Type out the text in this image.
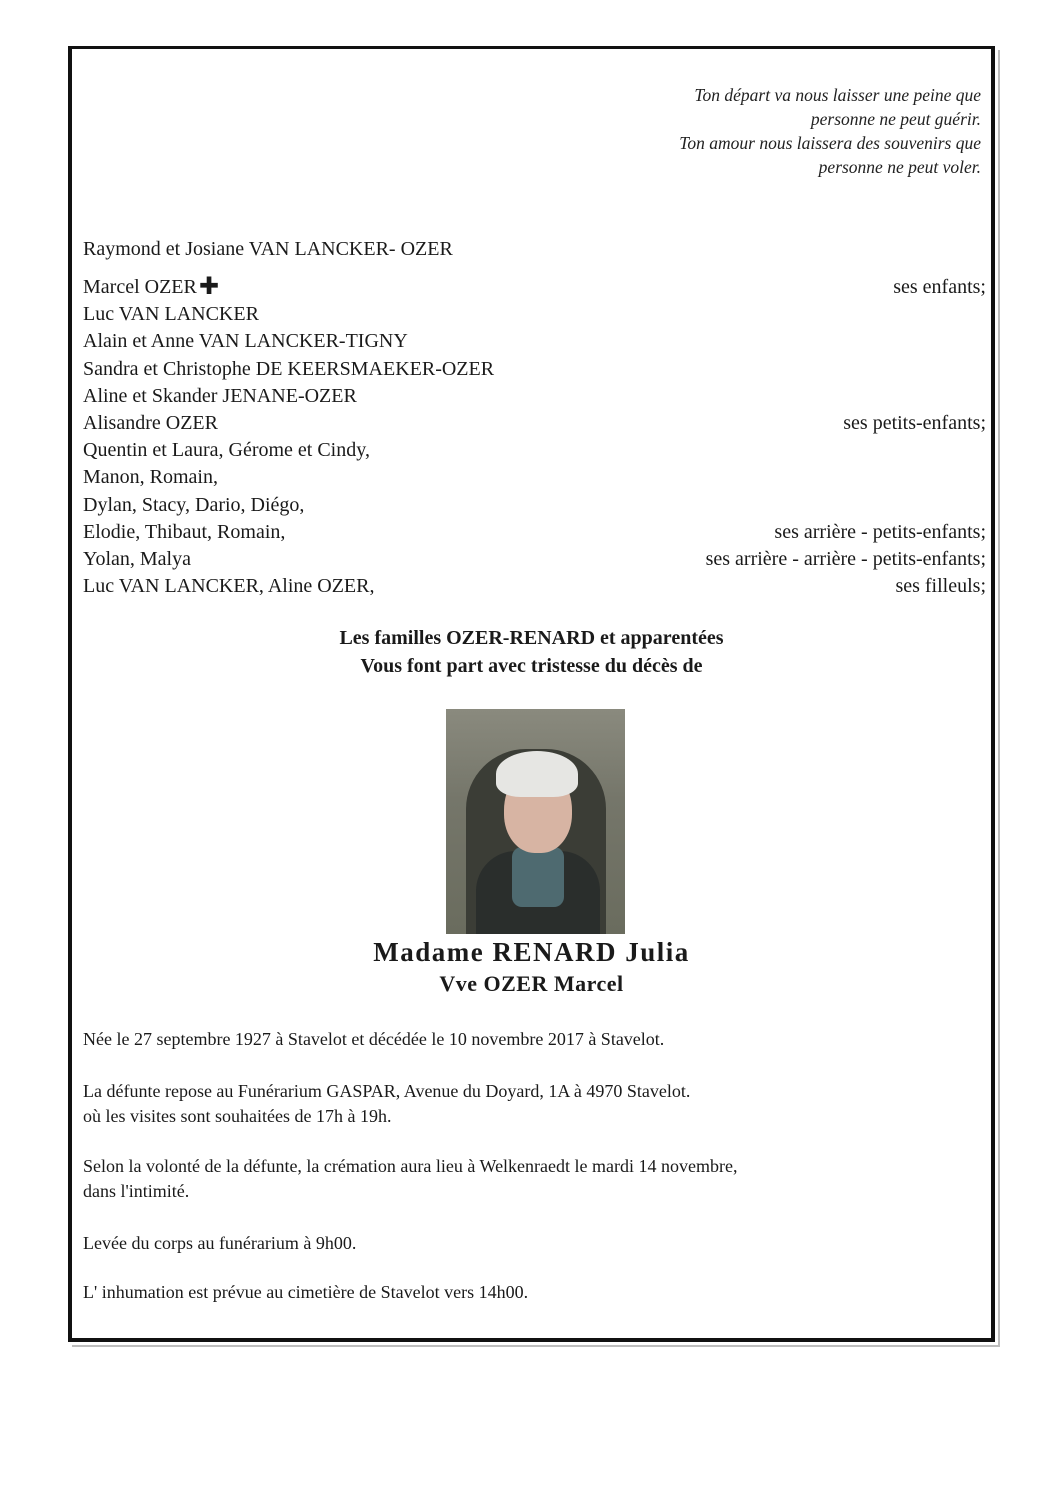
Ton départ va nous laisser une peine que
personne ne peut guérir.
Ton amour nous laissera des souvenirs que
personne ne peut voler.
Raymond et Josiane VAN LANCKER- OZER
Marcel OZER✚	ses enfants;
Luc VAN LANCKER
Alain et Anne VAN LANCKER-TIGNY
Sandra et Christophe DE KEERSMAEKER-OZER
Aline et Skander JENANE-OZER
Alisandre OZER	ses petits-enfants;
Quentin et Laura, Gérome et Cindy,
Manon, Romain,
Dylan, Stacy, Dario, Diégo,
Elodie, Thibaut, Romain,	ses arrière - petits-enfants;
Yolan, Malya	ses arrière - arrière - petits-enfants;
Luc VAN LANCKER, Aline OZER,	ses filleuls;
Les familles OZER-RENARD et apparentées
Vous font part avec tristesse du décès de
Madame RENARD Julia
Vve OZER Marcel
Née le 27 septembre 1927 à Stavelot et décédée le 10 novembre 2017 à Stavelot.
La défunte repose au Funérarium GASPAR, Avenue du Doyard, 1A à 4970 Stavelot.
où les visites sont souhaitées de 17h à 19h.
Selon la volonté de la défunte, la crémation aura lieu à Welkenraedt le mardi 14 novembre,
dans l'intimité.
Levée du corps au funérarium à 9h00.
L' inhumation est prévue au cimetière de Stavelot vers 14h00.
